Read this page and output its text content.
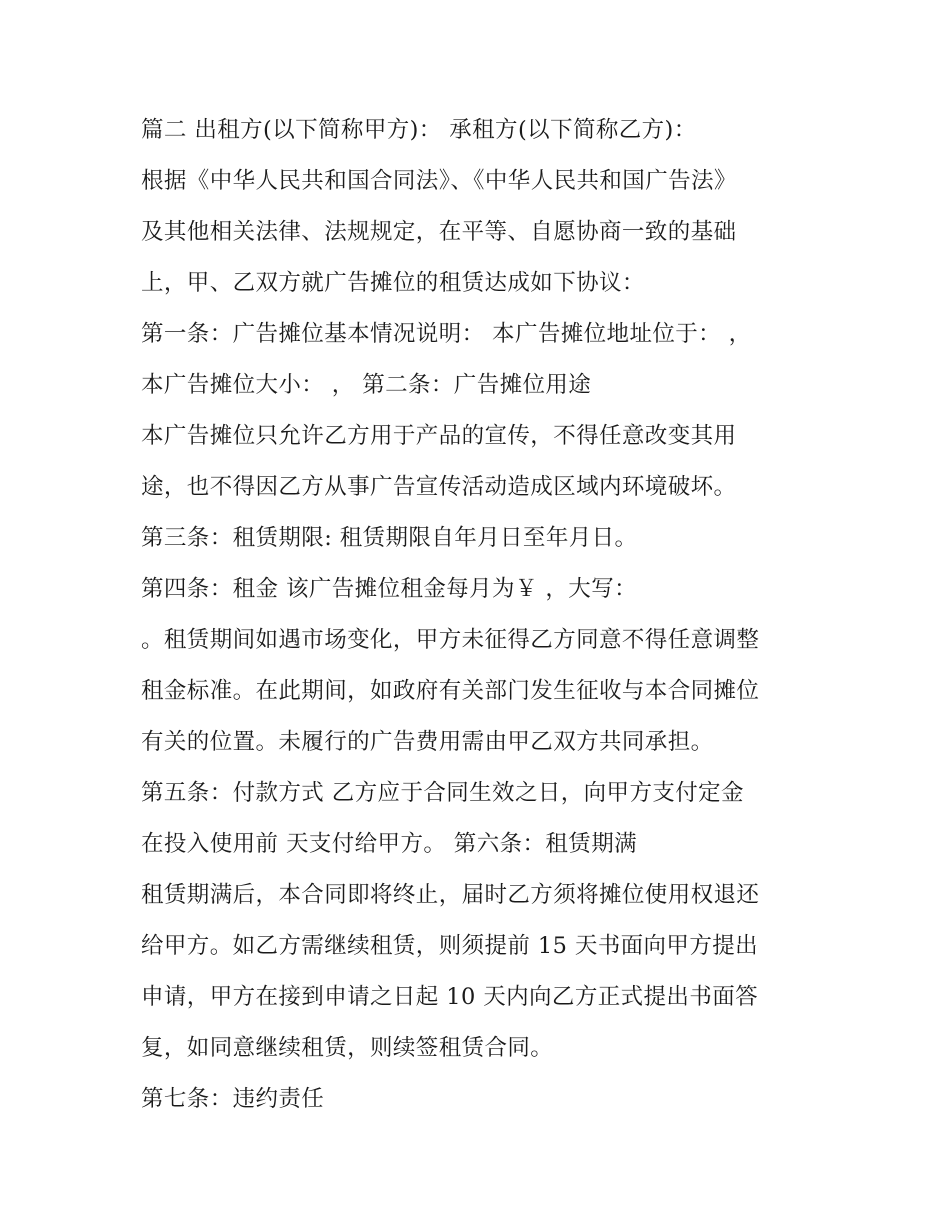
篇二 出租方(以下简称甲方)： 承租方(以下简称乙方)：
根据《中华人民共和国合同法》、《中华人民共和国广告法》
及其他相关法律、法规规定，在平等、自愿协商一致的基础
上，甲、乙双方就广告摊位的租赁达成如下协议：
第一条：广告摊位基本情况说明： 本广告摊位地址位于： ，
本广告摊位大小： ， 第二条：广告摊位用途
本广告摊位只允许乙方用于产品的宣传，不得任意改变其用
途，也不得因乙方从事广告宣传活动造成区域内环境破坏。
第三条：租赁期限: 租赁期限自年月日至年月日。
第四条：租金 该广告摊位租金每月为￥ ，大写：
。租赁期间如遇市场变化，甲方未征得乙方同意不得任意调整
租金标准。在此期间，如政府有关部门发生征收与本合同摊位
有关的位置。未履行的广告费用需由甲乙双方共同承担。
第五条：付款方式 乙方应于合同生效之日，向甲方支付定金
在投入使用前 天支付给甲方。 第六条：租赁期满
租赁期满后，本合同即将终止，届时乙方须将摊位使用权退还
给甲方。如乙方需继续租赁，则须提前 15 天书面向甲方提出
申请，甲方在接到申请之日起 10 天内向乙方正式提出书面答
复，如同意继续租赁，则续签租赁合同。
第七条：违约责任
